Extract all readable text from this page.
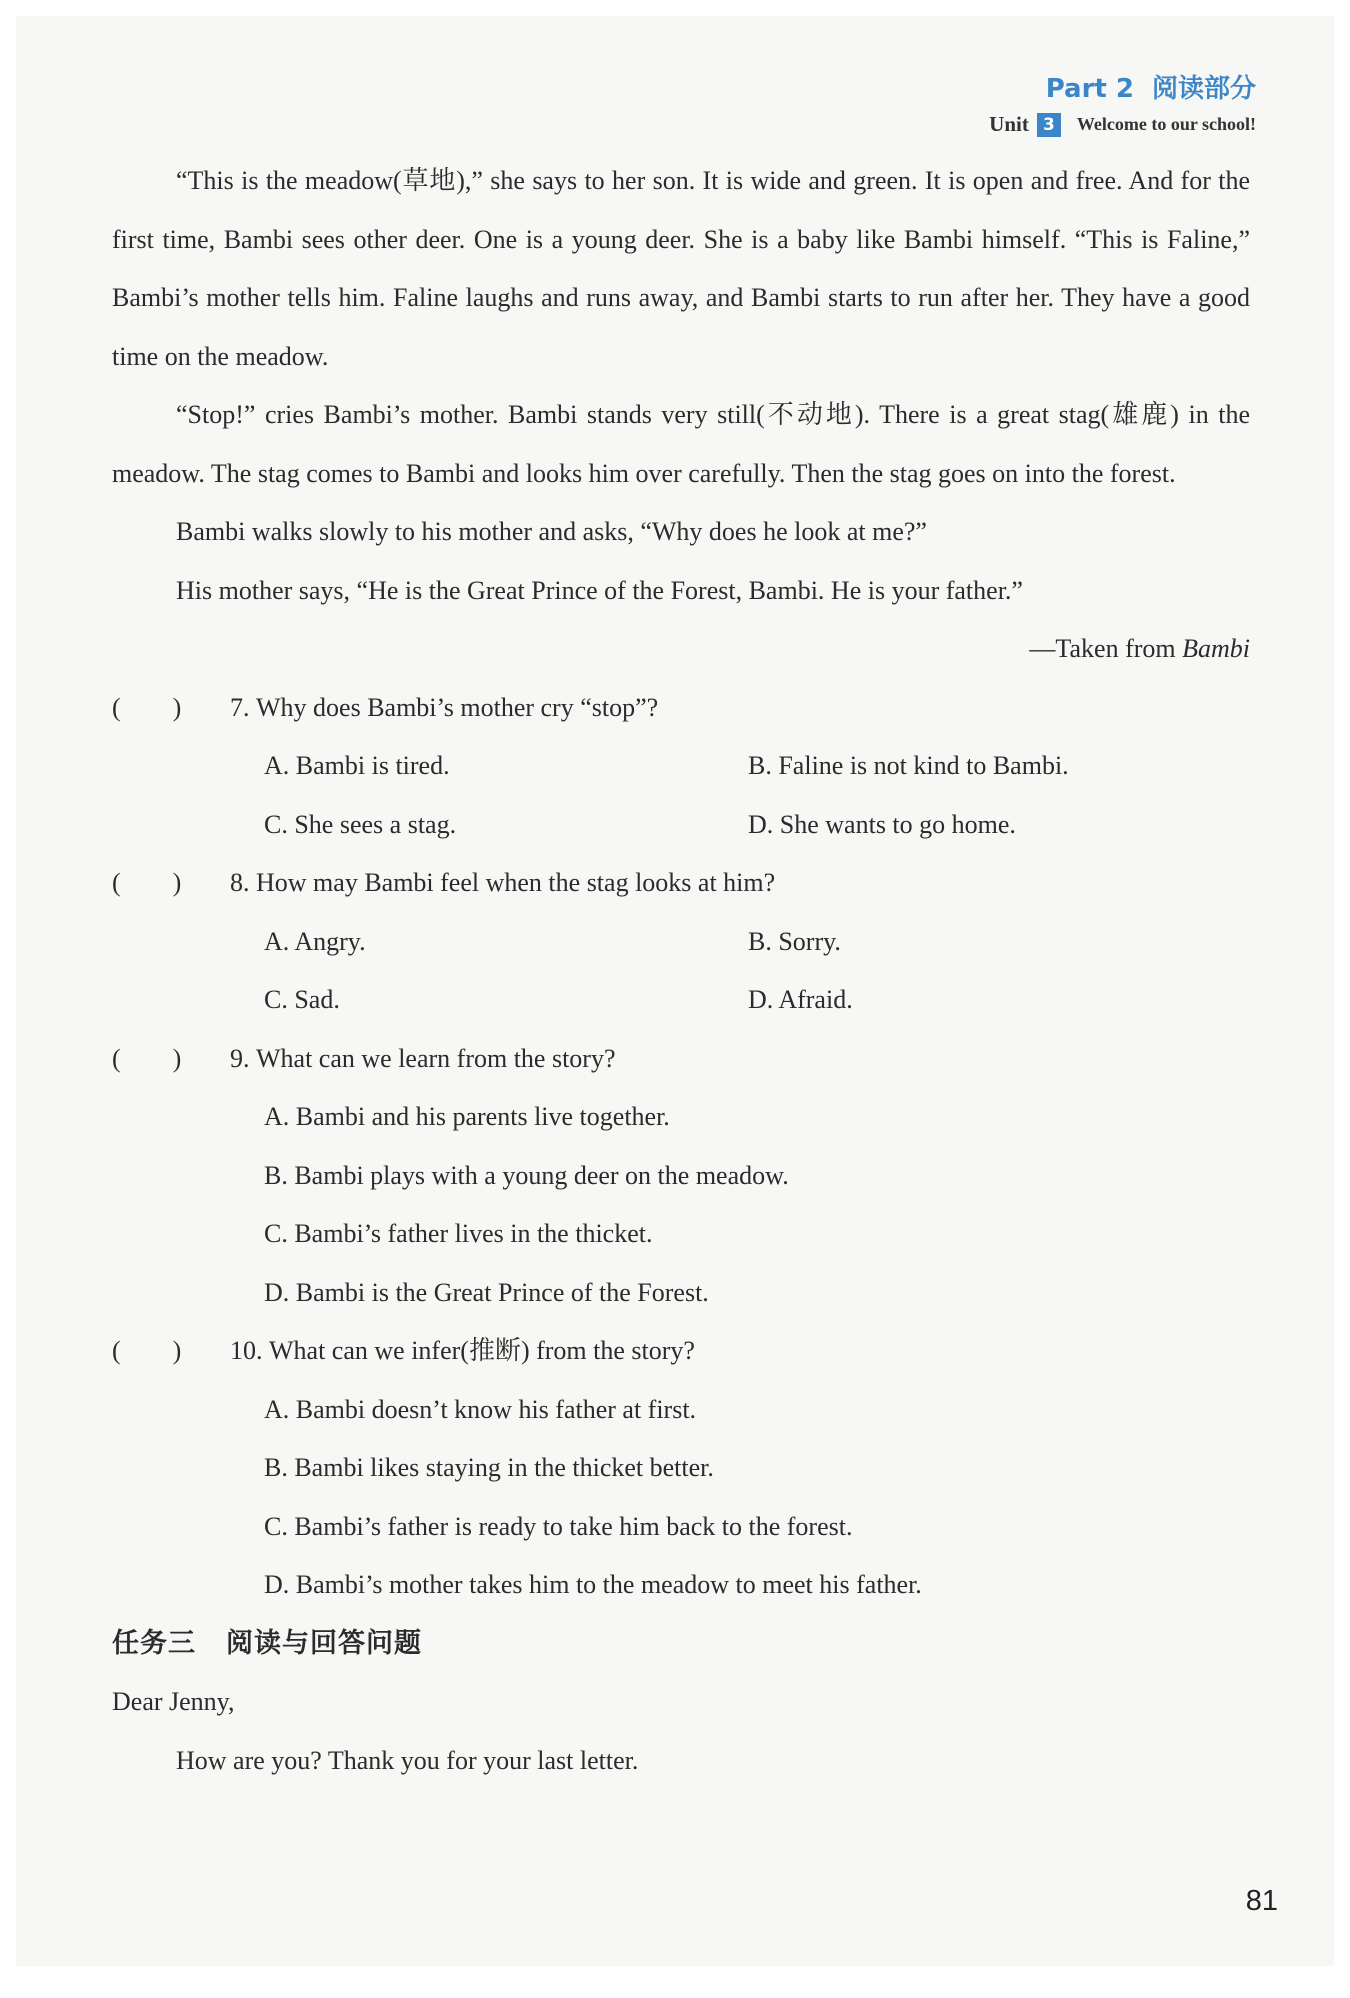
Part 2 阅读部分
Unit 3	Welcome to our school!
“This is the meadow(草地),” she says to her son. It is wide and green. It is open and free. And for the first time, Bambi sees other deer. One is a young deer. She is a baby like Bambi himself. “This is Faline,” Bambi’s mother tells him. Faline laughs and runs away, and Bambi starts to run after her. They have a good time on the meadow.
“Stop!” cries Bambi’s mother. Bambi stands very still(不动地). There is a great stag(雄鹿) in the meadow. The stag comes to Bambi and looks him over carefully. Then the stag goes on into the forest.
Bambi walks slowly to his mother and asks, “Why does he look at me?”
His mother says, “He is the Great Prince of the Forest, Bambi. He is your father.”
—Taken from Bambi
(        )	7.
Why does Bambi’s mother cry “stop”?
A. Bambi is tired.	B. Faline is not kind to Bambi.
C. She sees a stag.	D. She wants to go home.
(        )	8.
How may Bambi feel when the stag looks at him?
A. Angry.	B. Sorry.
C. Sad.	D. Afraid.
(        )	9.
What can we learn from the story?
A. Bambi and his parents live together.
B. Bambi plays with a young deer on the meadow.
C. Bambi’s father lives in the thicket.
D. Bambi is the Great Prince of the Forest.
(        )	10.
What can we infer(推断) from the story?
A. Bambi doesn’t know his father at first.
B. Bambi likes staying in the thicket better.
C. Bambi’s father is ready to take him back to the forest.
D. Bambi’s mother takes him to the meadow to meet his father.
任务三 阅读与回答问题
Dear Jenny,
How are you? Thank you for your last letter.
81
